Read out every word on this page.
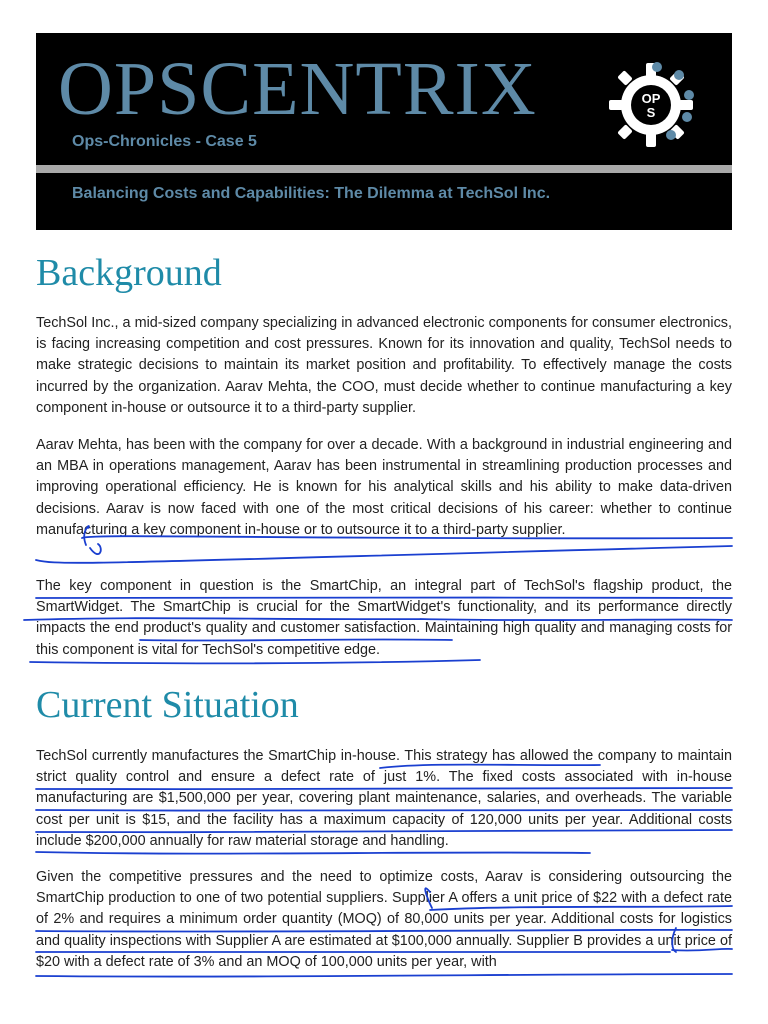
OPSCENTRIX
Ops-Chronicles - Case 5
Balancing Costs and Capabilities: The Dilemma at TechSol Inc.
OP
S
Background
TechSol Inc., a mid-sized company specializing in advanced electronic components for consumer electronics, is facing increasing competition and cost pressures. Known for its innovation and quality, TechSol needs to make strategic decisions to maintain its market position and profitability. To effectively manage the costs incurred by the organization. Aarav Mehta, the COO, must decide whether to continue manufacturing a key component in-house or outsource it to a third-party supplier.
Aarav Mehta, has been with the company for over a decade. With a background in industrial engineering and an MBA in operations management, Aarav has been instrumental in streamlining production processes and improving operational efficiency. He is known for his analytical skills and his ability to make data-driven decisions. Aarav is now faced with one of the most critical decisions of his career: whether to continue manufacturing a key component in-house or to outsource it to a third-party supplier.
The key component in question is the SmartChip, an integral part of TechSol's flagship product, the SmartWidget. The SmartChip is crucial for the SmartWidget's functionality, and its performance directly impacts the end product's quality and customer satisfaction. Maintaining high quality and managing costs for this component is vital for TechSol's competitive edge.
Current Situation
TechSol currently manufactures the SmartChip in-house. This strategy has allowed the company to maintain strict quality control and ensure a defect rate of just 1%. The fixed costs associated with in-house manufacturing are $1,500,000 per year, covering plant maintenance, salaries, and overheads. The variable cost per unit is $15, and the facility has a maximum capacity of 120,000 units per year. Additional costs include $200,000 annually for raw material storage and handling.
Given the competitive pressures and the need to optimize costs, Aarav is considering outsourcing the SmartChip production to one of two potential suppliers. Supplier A offers a unit price of $22 with a defect rate of 2% and requires a minimum order quantity (MOQ) of 80,000 units per year. Additional costs for logistics and quality inspections with Supplier A are estimated at $100,000 annually. Supplier B provides a unit price of $20 with a defect rate of 3% and an MOQ of 100,000 units per year, with
